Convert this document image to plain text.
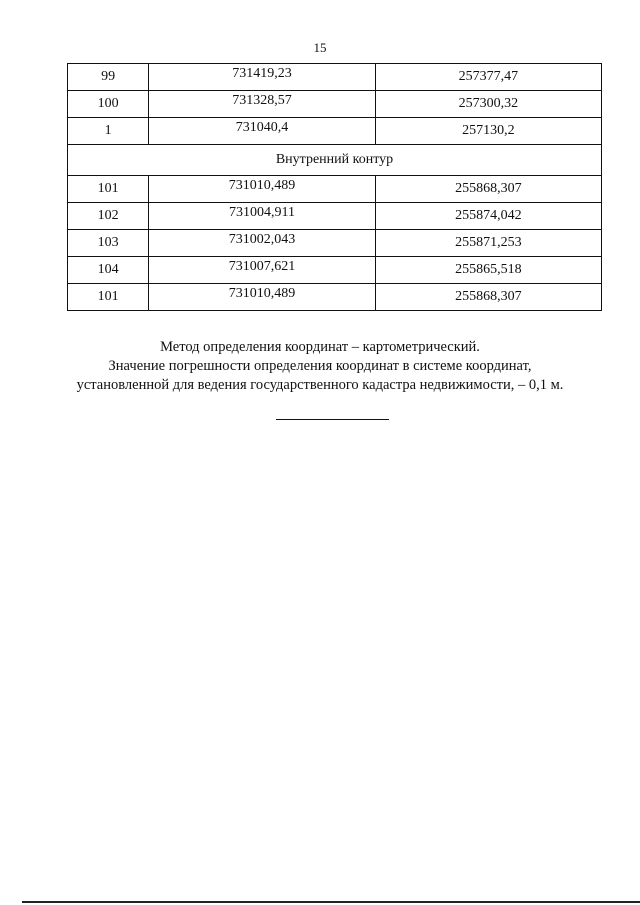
15
99	731419,23	257377,47
100	731328,57	257300,32
1	731040,4	257130,2
Внутренний контур		
101	731010,489	255868,307
102	731004,911	255874,042
103	731002,043	255871,253
104	731007,621	255865,518
101	731010,489	255868,307
Метод определения координат – картометрический.
Значение погрешности определения координат в системе координат,
установленной для ведения государственного кадастра недвижимости, – 0,1 м.
